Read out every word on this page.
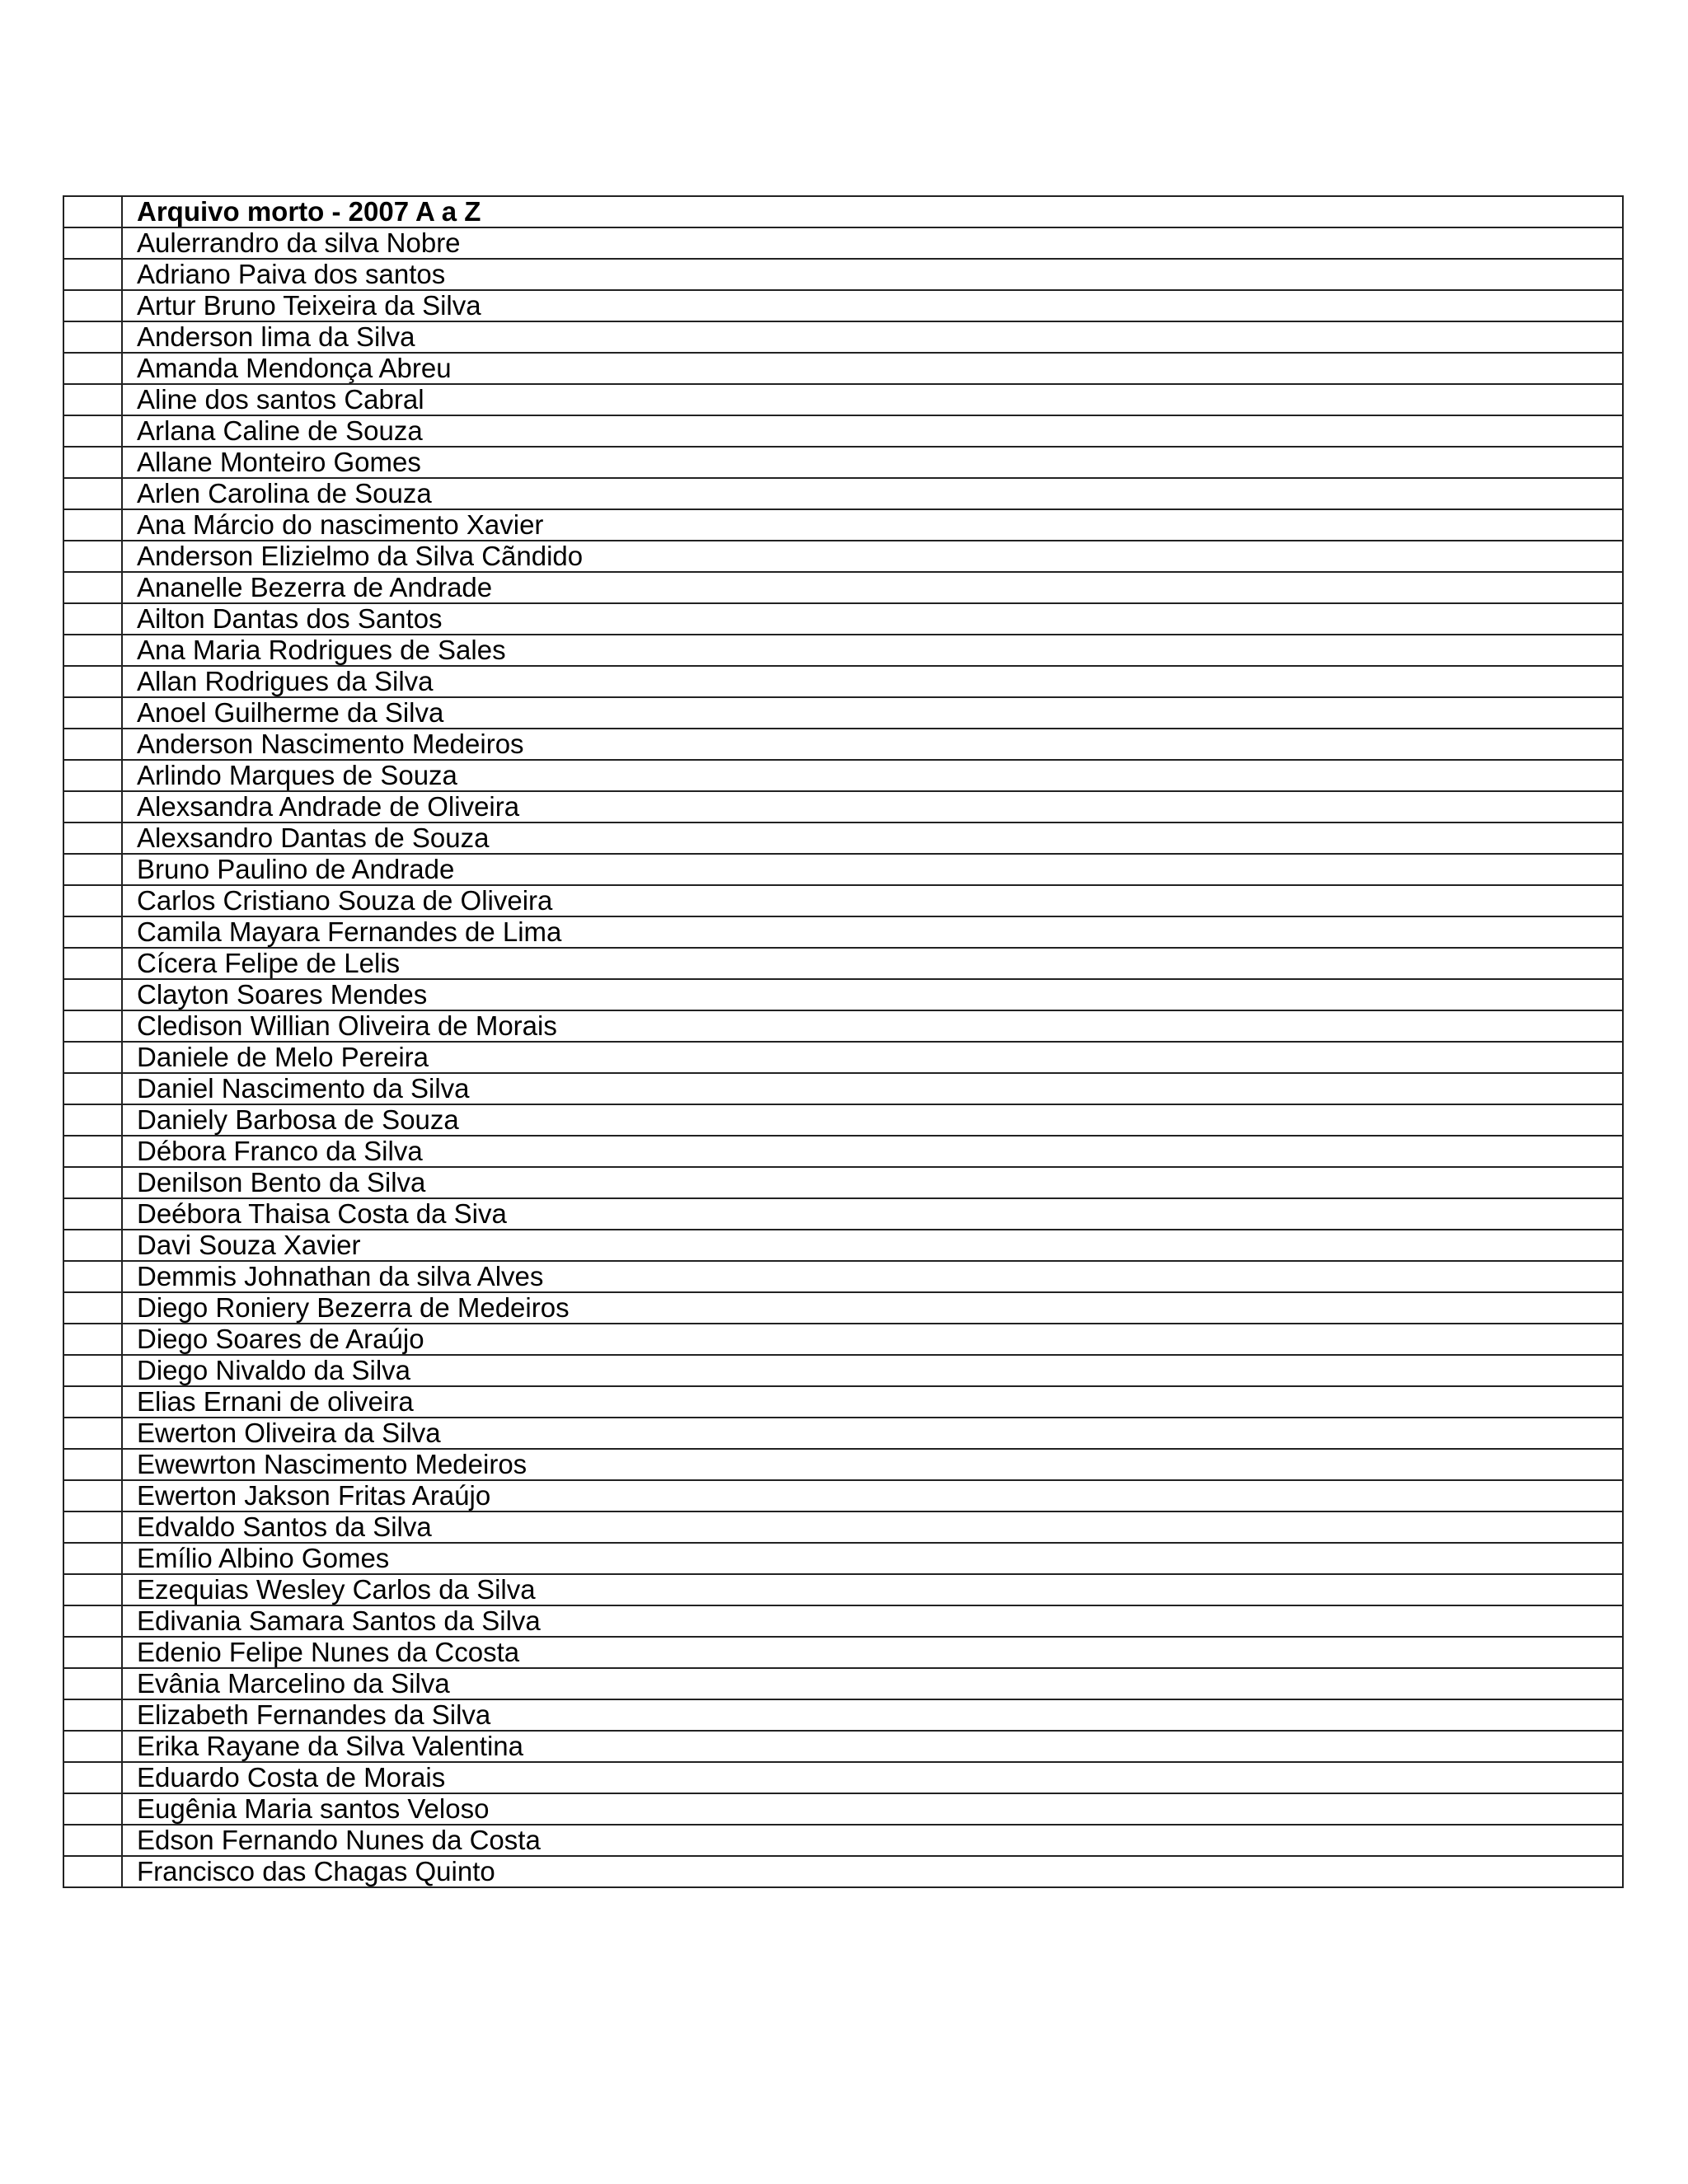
	Arquivo morto - 2007 A a Z
	Aulerrandro da silva Nobre
	Adriano Paiva dos santos
	Artur Bruno Teixeira da Silva
	Anderson lima da Silva
	Amanda Mendonça Abreu
	Aline dos santos Cabral
	Arlana Caline de Souza
	Allane Monteiro Gomes
	Arlen Carolina de Souza
	Ana Márcio do nascimento Xavier
	Anderson Elizielmo da Silva Cãndido
	Ananelle Bezerra de Andrade
	Ailton Dantas dos Santos
	Ana Maria Rodrigues de Sales
	Allan Rodrigues da Silva
	Anoel Guilherme da Silva
	Anderson Nascimento Medeiros
	Arlindo Marques de Souza
	Alexsandra Andrade de Oliveira
	Alexsandro Dantas de Souza
	Bruno Paulino de Andrade
	Carlos Cristiano Souza de Oliveira
	Camila Mayara Fernandes de Lima
	Cícera Felipe de Lelis
	Clayton Soares Mendes
	Cledison Willian Oliveira de Morais
	Daniele de Melo Pereira
	Daniel Nascimento da Silva
	Daniely Barbosa de Souza
	Débora Franco da Silva
	Denilson Bento da Silva
	Deébora Thaisa Costa da Siva
	Davi Souza Xavier
	Demmis Johnathan da silva Alves
	Diego Roniery Bezerra de Medeiros
	Diego Soares de Araújo
	Diego Nivaldo da Silva
	Elias Ernani de oliveira
	Ewerton Oliveira da Silva
	Ewewrton Nascimento Medeiros
	Ewerton Jakson Fritas Araújo
	Edvaldo Santos da Silva
	Emílio Albino Gomes
	Ezequias Wesley Carlos da Silva
	Edivania Samara Santos da Silva
	Edenio Felipe Nunes da Ccosta
	Evânia Marcelino da Silva
	Elizabeth Fernandes da Silva
	Erika Rayane da Silva Valentina
	Eduardo Costa de Morais
	Eugênia Maria santos Veloso
	Edson Fernando Nunes da Costa
	Francisco das Chagas Quinto
